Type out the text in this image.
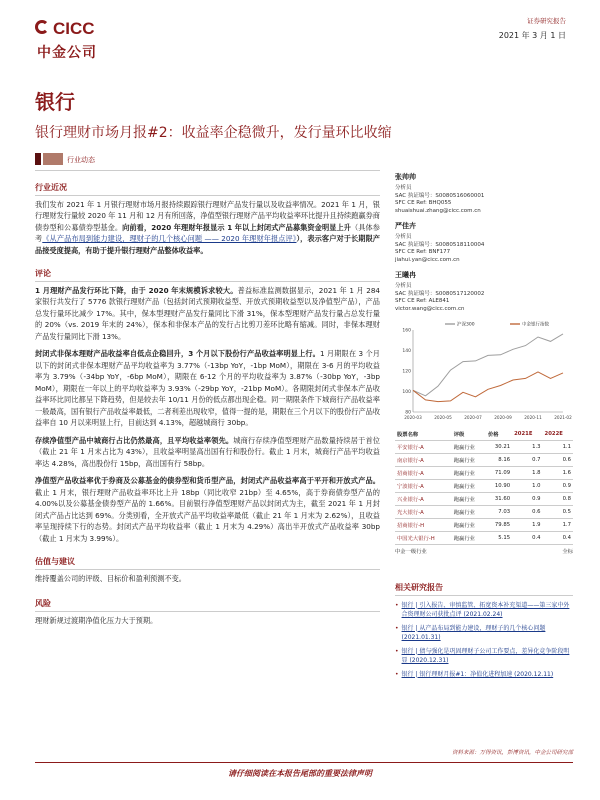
CICC
中金公司
证券研究报告
2021 年 3 月 1 日
银行
银行理财市场月报#2：收益率企稳微升，发行量环比收缩
行业动态
行业近况
我们发布 2021 年 1 月银行理财市场月报持续跟踪银行理财产品发行量以及收益率情况。2021 年 1 月，银行理财发行量较 2020 年 11 月和 12 月有所回落，净值型银行理财产品平均收益率环比提升且持续跑赢券商债券型和公募债券型基金。向前看，2020 年理财年报显示 1 年以上封闭式产品募集资金明显上升（具体参考《从产品布局到能力建设，理财子的几个核心问题 —— 2020 年理财年报点评》），表示客户对于长期限产品接受度提高，有助于提升银行理财产品整体收益率。
评论
1 月理财产品发行环比下降，由于 2020 年末规模诉求较大。普益标准监测数据显示，2021 年 1 月 284 家银行共发行了 5776 款银行理财产品（包括封闭式预期收益型、开放式预期收益型以及净值型产品），产品总发行量环比减少 17%。其中，保本型理财产品发行量同比下滑 31%，保本型理财产品发行量占总发行量的 20%（vs. 2019 年末的 24%），保本和非保本产品的发行占比剪刀差环比略有缩减。同时，非保本理财产品发行量同比下滑 13%。
封闭式非保本理财产品收益率自低点企稳回升，3 个月以下股份行产品收益率明显上行。1 月期限在 3 个月以下的封闭式非保本理财产品平均收益率为 3.77%（-13bp YoY，-1bp MoM），期限在 3-6 月的平均收益率为 3.79%（-34bp YoY，-6bp MoM），期限在 6-12 个月的平均收益率为 3.87%（-30bp YoY，-3bp MoM），期限在一年以上的平均收益率为 3.93%（-29bp YoY，-21bp MoM）。各期限封闭式非保本产品收益率环比同比都呈下降趋势，但是较去年 10/11 月份的低点都出现企稳。同一期限条件下城商行产品收益率一般最高，国有银行产品收益率最低，二者利差出现收窄，值得一提的是，期限在三个月以下的股份行产品收益率自 10 月以来明显上行，目前达到 4.13%，超越城商行 30bp。
存续净值型产品中城商行占比仍然最高，且平均收益率领先。城商行存续净值型理财产品数量持续居于首位（截止 21 年 1 月末占比为 43%），且收益率明显高出国有行和股份行。截止 1 月末，城商行产品平均收益率达 4.28%，高出股份行 15bp，高出国有行 58bp。
净值型产品收益率优于券商及公募基金的债券型和货币型产品，封闭式产品收益率高于平开和开放式产品。截止 1 月末，银行理财产品收益率环比上升 18bp（同比收窄 21bp）至 4.65%，高于券商债券型产品的 4.00%以及公募基金债券型产品的 1.66%。目前银行净值型理财产品以封闭式为主，截至 2021 年 1 月封闭式产品占比达到 69%。分类别看，全开放式产品平均收益率最低（截止 21 年 1 月末为 2.62%），且收益率呈现持续下行的态势。封闭式产品平均收益率（截止 1 月末为 4.29%）高出半开放式产品收益率 30bp（截止 1 月末为 3.99%）。
估值与建议
维持覆盖公司的评级、目标价和盈利预测不变。
风险
理财新规过渡期净值化压力大于预期。
张帅帅
分析员
SAC 执证编号：S0080516060001
SFC CE Ref: BHQ055
shuaishuai.zhang@cicc.com.cn
严佳卉
分析员
SAC 执证编号：S0080518110004
SFC CE Ref: BNF177
jiahui.yan@cicc.com.cn
王曦冉
分析员
SAC 执证编号：S0080517120002
SFC CE Ref: ALE841
victor.wang@cicc.com.cn
80
100
120
140
160
2020-03	2020-05	2020-07	2020-09	2020-11	2021-02
沪深300	中金银行指数
股票名称	评级	价格	2021E	2022E
平安银行-A	跑赢行业	30.21	1.3	1.1
南京银行-A	跑赢行业	8.16	0.7	0.6
招商银行-A	跑赢行业	71.09	1.8	1.6
宁波银行-A	跑赢行业	10.90	1.0	0.9
兴业银行-A	跑赢行业	31.60	0.9	0.8
光大银行-A	跑赢行业	7.03	0.6	0.5
招商银行-H	跑赢行业	79.85	1.9	1.7
中国光大银行-H	跑赢行业	5.15	0.4	0.4
中金一级行业	全标
相关研究报告
• 银行 | 引入报告、审慎监管、拓宽资本补充渠道——第三家中外合资理财公司获批点评 (2021.02.24)
• 银行 | 从产品布局到能力建设，理财子的几个核心问题 (2021.01.31)
• 银行 | 债与强化是巩固理财子公司工作要点，差异化竞争阶段明显 (2020.12.31)
• 银行 | 银行理财月报#1：净值化进程加速 (2020.12.11)
资料来源：万得资讯，彭博资讯，中金公司研究部
请仔细阅读在本报告尾部的重要法律声明
